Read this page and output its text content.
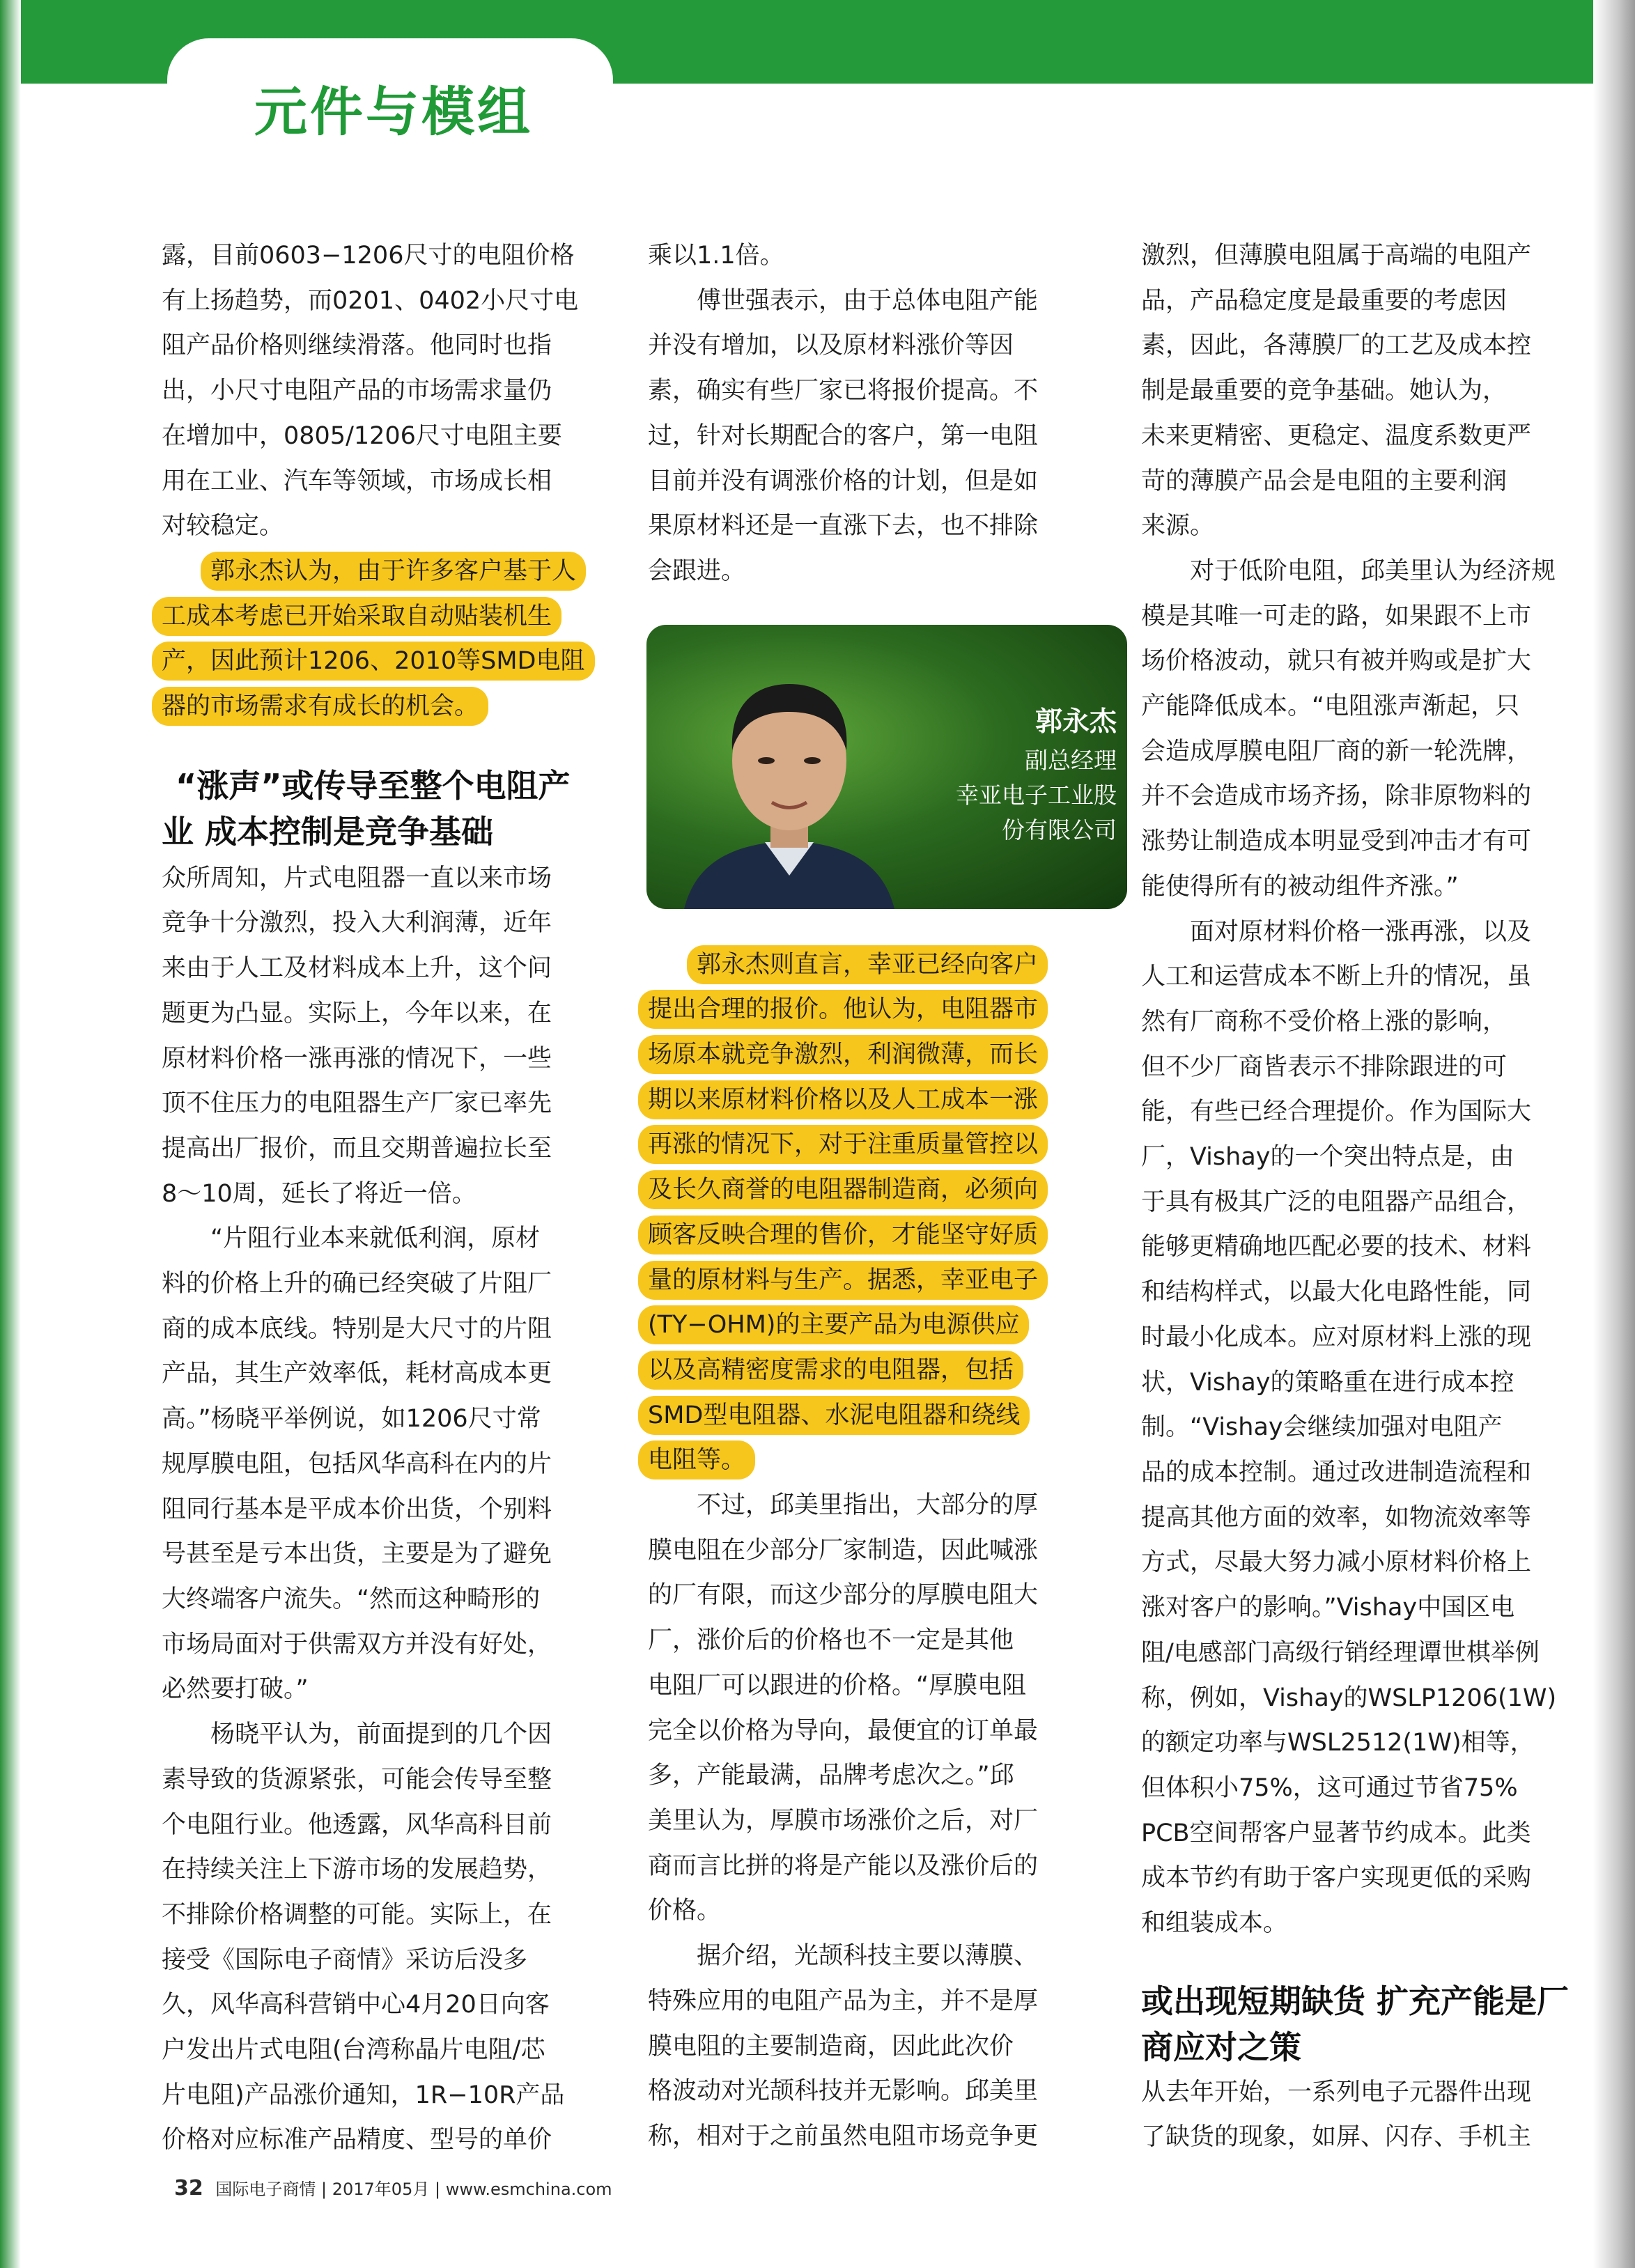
元件与模组

露，目前0603−1206尺寸的电阻价格

有上扬趋势，而0201、0402小尺寸电

阻产品价格则继续滑落。他同时也指

出，小尺寸电阻产品的市场需求量仍

在增加中，0805/1206尺寸电阻主要

用在工业、汽车等领域，市场成长相

对较稳定。

郭永杰认为，由于许多客户基于人

工成本考虑已开始采取自动贴装机生

产，因此预计1206、2010等SMD电阻

器的市场需求有成长的机会。

“涨声”或传导至整个电阻产
业 成本控制是竞争基础

众所周知，片式电阻器一直以来市场

竞争十分激烈，投入大利润薄，近年

来由于人工及材料成本上升，这个问

题更为凸显。实际上，今年以来，在

原材料价格一涨再涨的情况下，一些

顶不住压力的电阻器生产厂家已率先

提高出厂报价，而且交期普遍拉长至

8～10周，延长了将近一倍。

“片阻行业本来就低利润，原材

料的价格上升的确已经突破了片阻厂

商的成本底线。特别是大尺寸的片阻

产品，其生产效率低，耗材高成本更

高。”杨晓平举例说，如1206尺寸常

规厚膜电阻，包括风华高科在内的片

阻同行基本是平成本价出货，个别料

号甚至是亏本出货，主要是为了避免

大终端客户流失。“然而这种畸形的

市场局面对于供需双方并没有好处，

必然要打破。”

杨晓平认为，前面提到的几个因

素导致的货源紧张，可能会传导至整

个电阻行业。他透露，风华高科目前

在持续关注上下游市场的发展趋势，

不排除价格调整的可能。实际上，在

接受《国际电子商情》采访后没多

久，风华高科营销中心4月20日向客

户发出片式电阻(台湾称晶片电阻/芯

片电阻)产品涨价通知，1R−10R产品

价格对应标准产品精度、型号的单价

乘以1.1倍。

傅世强表示，由于总体电阻产能

并没有增加，以及原材料涨价等因

素，确实有些厂家已将报价提高。不

过，针对长期配合的客户，第一电阻

目前并没有调涨价格的计划，但是如

果原材料还是一直涨下去，也不排除

会跟进。

郭永杰则直言，幸亚已经向客户

提出合理的报价。他认为，电阻器市

场原本就竞争激烈，利润微薄，而长

期以来原材料价格以及人工成本一涨

再涨的情况下，对于注重质量管控以

及长久商誉的电阻器制造商，必须向

顾客反映合理的售价，才能坚守好质

量的原材料与生产。据悉，幸亚电子

(TY−OHM)的主要产品为电源供应

以及高精密度需求的电阻器，包括

SMD型电阻器、水泥电阻器和绕线

电阻等。

不过，邱美里指出，大部分的厚

膜电阻在少部分厂家制造，因此喊涨

的厂有限，而这少部分的厚膜电阻大

厂，涨价后的价格也不一定是其他

电阻厂可以跟进的价格。“厚膜电阻

完全以价格为导向，最便宜的订单最

多，产能最满，品牌考虑次之。”邱

美里认为，厚膜市场涨价之后，对厂

商而言比拼的将是产能以及涨价后的

价格。

据介绍，光颉科技主要以薄膜、

特殊应用的电阻产品为主，并不是厚

膜电阻的主要制造商，因此此次价

格波动对光颉科技并无影响。邱美里

称，相对于之前虽然电阻市场竞争更

郭永杰
副总经理
幸亚电子工业股
份有限公司

激烈，但薄膜电阻属于高端的电阻产

品，产品稳定度是最重要的考虑因

素，因此，各薄膜厂的工艺及成本控

制是最重要的竞争基础。她认为，

未来更精密、更稳定、温度系数更严

苛的薄膜产品会是电阻的主要利润

来源。

对于低阶电阻，邱美里认为经济规

模是其唯一可走的路，如果跟不上市

场价格波动，就只有被并购或是扩大

产能降低成本。“电阻涨声渐起，只

会造成厚膜电阻厂商的新一轮洗牌，

并不会造成市场齐扬，除非原物料的

涨势让制造成本明显受到冲击才有可

能使得所有的被动组件齐涨。”

面对原材料价格一涨再涨，以及

人工和运营成本不断上升的情况，虽

然有厂商称不受价格上涨的影响，

但不少厂商皆表示不排除跟进的可

能，有些已经合理提价。作为国际大

厂，Vishay的一个突出特点是，由

于具有极其广泛的电阻器产品组合，

能够更精确地匹配必要的技术、材料

和结构样式，以最大化电路性能，同

时最小化成本。应对原材料上涨的现

状，Vishay的策略重在进行成本控

制。“Vishay会继续加强对电阻产

品的成本控制。通过改进制造流程和

提高其他方面的效率，如物流效率等

方式，尽最大努力减小原材料价格上

涨对客户的影响。”Vishay中国区电

阻/电感部门高级行销经理谭世棋举例

称，例如，Vishay的WSLP1206(1W)

的额定功率与WSL2512(1W)相等，

但体积小75%，这可通过节省75%

PCB空间帮客户显著节约成本。此类

成本节约有助于客户实现更低的采购

和组装成本。

或出现短期缺货 扩充产能是厂
商应对之策

从去年开始，一系列电子元器件出现

了缺货的现象，如屏、闪存、手机主

32 国际电子商情 | 2017年05月 | www.esmchina.com
